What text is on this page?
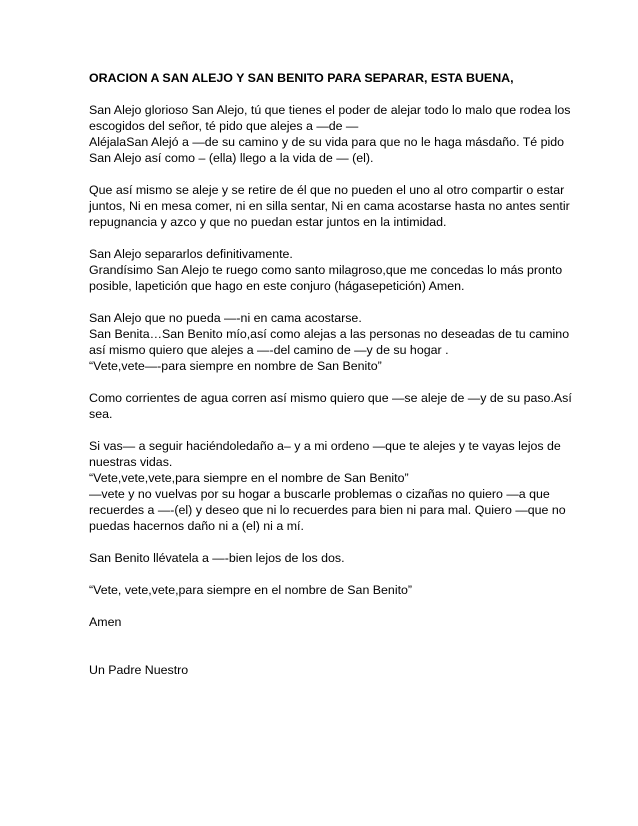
ORACION A SAN ALEJO Y SAN BENITO PARA SEPARAR, ESTA BUENA,

San Alejo glorioso San Alejo, tú que tienes el poder de alejar todo lo malo que rodea los
escogidos del señor, té pido que alejes a —de —
AléjalaSan Alejó a —de su camino y de su vida para que no le haga másdaño. Té pido
San Alejo así como – (ella) llego a la vida de — (el).

Que así mismo se aleje y se retire de él que no pueden el uno al otro compartir o estar
juntos, Ni en mesa comer, ni en silla sentar, Ni en cama acostarse hasta no antes sentir
repugnancia y azco y que no puedan estar juntos en la intimidad.

San Alejo separarlos definitivamente.
Grandísimo San Alejo te ruego como santo milagroso,que me concedas lo más pronto
posible, lapetición que hago en este conjuro (hágasepetición) Amen.

San Alejo que no pueda —-ni en cama acostarse.
San Benita…San Benito mío,así como alejas a las personas no deseadas de tu camino
así mismo quiero que alejes a —-del camino de —y de su hogar .
“Vete,vete—-para siempre en nombre de San Benito”

Como corrientes de agua corren así mismo quiero que —se aleje de —y de su paso.Así
sea.

Si vas— a seguir haciéndoledaño a– y a mi ordeno —que te alejes y te vayas lejos de
nuestras vidas.
“Vete,vete,vete,para siempre en el nombre de San Benito”
—vete y no vuelvas por su hogar a buscarle problemas o cizañas no quiero —a que
recuerdes a —-(el) y deseo que ni lo recuerdes para bien ni para mal. Quiero —que no
puedas hacernos daño ni a (el) ni a mí.

San Benito llévatela a —-bien lejos de los dos.

“Vete, vete,vete,para siempre en el nombre de San Benito”

Amen

Un Padre Nuestro
